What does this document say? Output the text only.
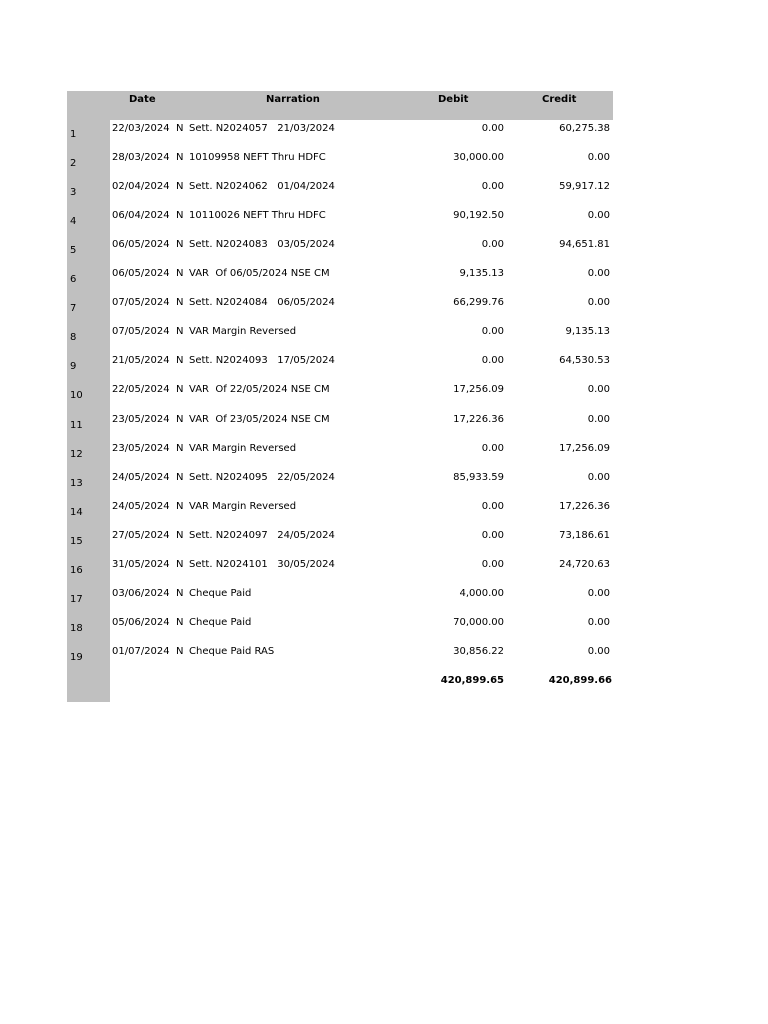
Date	Narration	Debit	Credit
1
22/03/2024 N Sett. N2024057   21/03/2024	0.00	60,275.38
2
28/03/2024 N 10109958 NEFT Thru HDFC	30,000.00	0.00
3
02/04/2024 N Sett. N2024062   01/04/2024	0.00	59,917.12
4
06/04/2024 N 10110026 NEFT Thru HDFC	90,192.50	0.00
5
06/05/2024 N Sett. N2024083   03/05/2024	0.00	94,651.81
6
06/05/2024 N VAR  Of 06/05/2024 NSE CM	9,135.13	0.00
7
07/05/2024 N Sett. N2024084   06/05/2024	66,299.76	0.00
8
07/05/2024 N VAR Margin Reversed	0.00	9,135.13
9
21/05/2024 N Sett. N2024093   17/05/2024	0.00	64,530.53
10
22/05/2024 N VAR  Of 22/05/2024 NSE CM	17,256.09	0.00
11
23/05/2024 N VAR  Of 23/05/2024 NSE CM	17,226.36	0.00
12
23/05/2024 N VAR Margin Reversed	0.00	17,256.09
13
24/05/2024 N Sett. N2024095   22/05/2024	85,933.59	0.00
14
24/05/2024 N VAR Margin Reversed	0.00	17,226.36
15
27/05/2024 N Sett. N2024097   24/05/2024	0.00	73,186.61
16
31/05/2024 N Sett. N2024101   30/05/2024	0.00	24,720.63
17
03/06/2024 N Cheque Paid	4,000.00	0.00
18
05/06/2024 N Cheque Paid	70,000.00	0.00
19
01/07/2024 N Cheque Paid RAS	30,856.22	0.00
420,899.65	420,899.66
